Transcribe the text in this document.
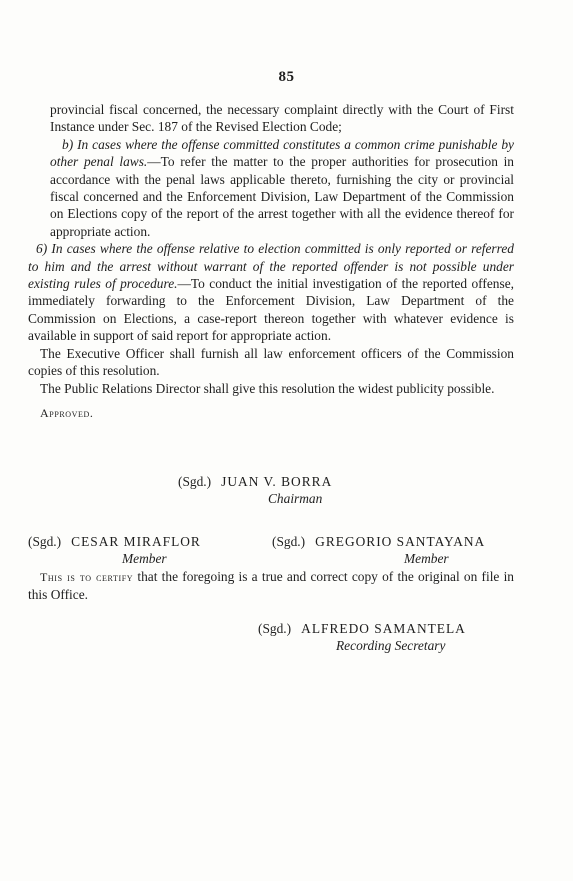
85

provincial fiscal concerned, the necessary complaint directly with the Court of First Instance under Sec. 187 of the Revised Election Code;

b) In cases where the offense committed constitutes a common crime punishable by other penal laws.—To refer the matter to the proper authorities for prosecution in accordance with the penal laws applicable thereto, furnishing the city or provincial fiscal concerned and the Enforcement Division, Law Department of the Commission on Elections copy of the report of the arrest together with all the evidence thereof for appropriate action.

6) In cases where the offense relative to election committed is only reported or referred to him and the arrest without warrant of the reported offender is not possible under existing rules of procedure.—To conduct the initial investigation of the reported offense, immediately forwarding to the Enforcement Division, Law Department of the Commission on Elections, a case-report thereon together with whatever evidence is available in support of said report for appropriate action.

The Executive Officer shall furnish all law enforcement officers of the Commission copies of this resolution.

The Public Relations Director shall give this resolution the widest publicity possible.

Approved.

(Sgd.) JUAN V. BORRA
Chairman
(Sgd.) CESAR MIRAFLOR
Member
(Sgd.) GREGORIO SANTAYANA
Member

This is to certify that the foregoing is a true and correct copy of the original on file in this Office.

(Sgd.) ALFREDO SAMANTELA
Recording Secretary
